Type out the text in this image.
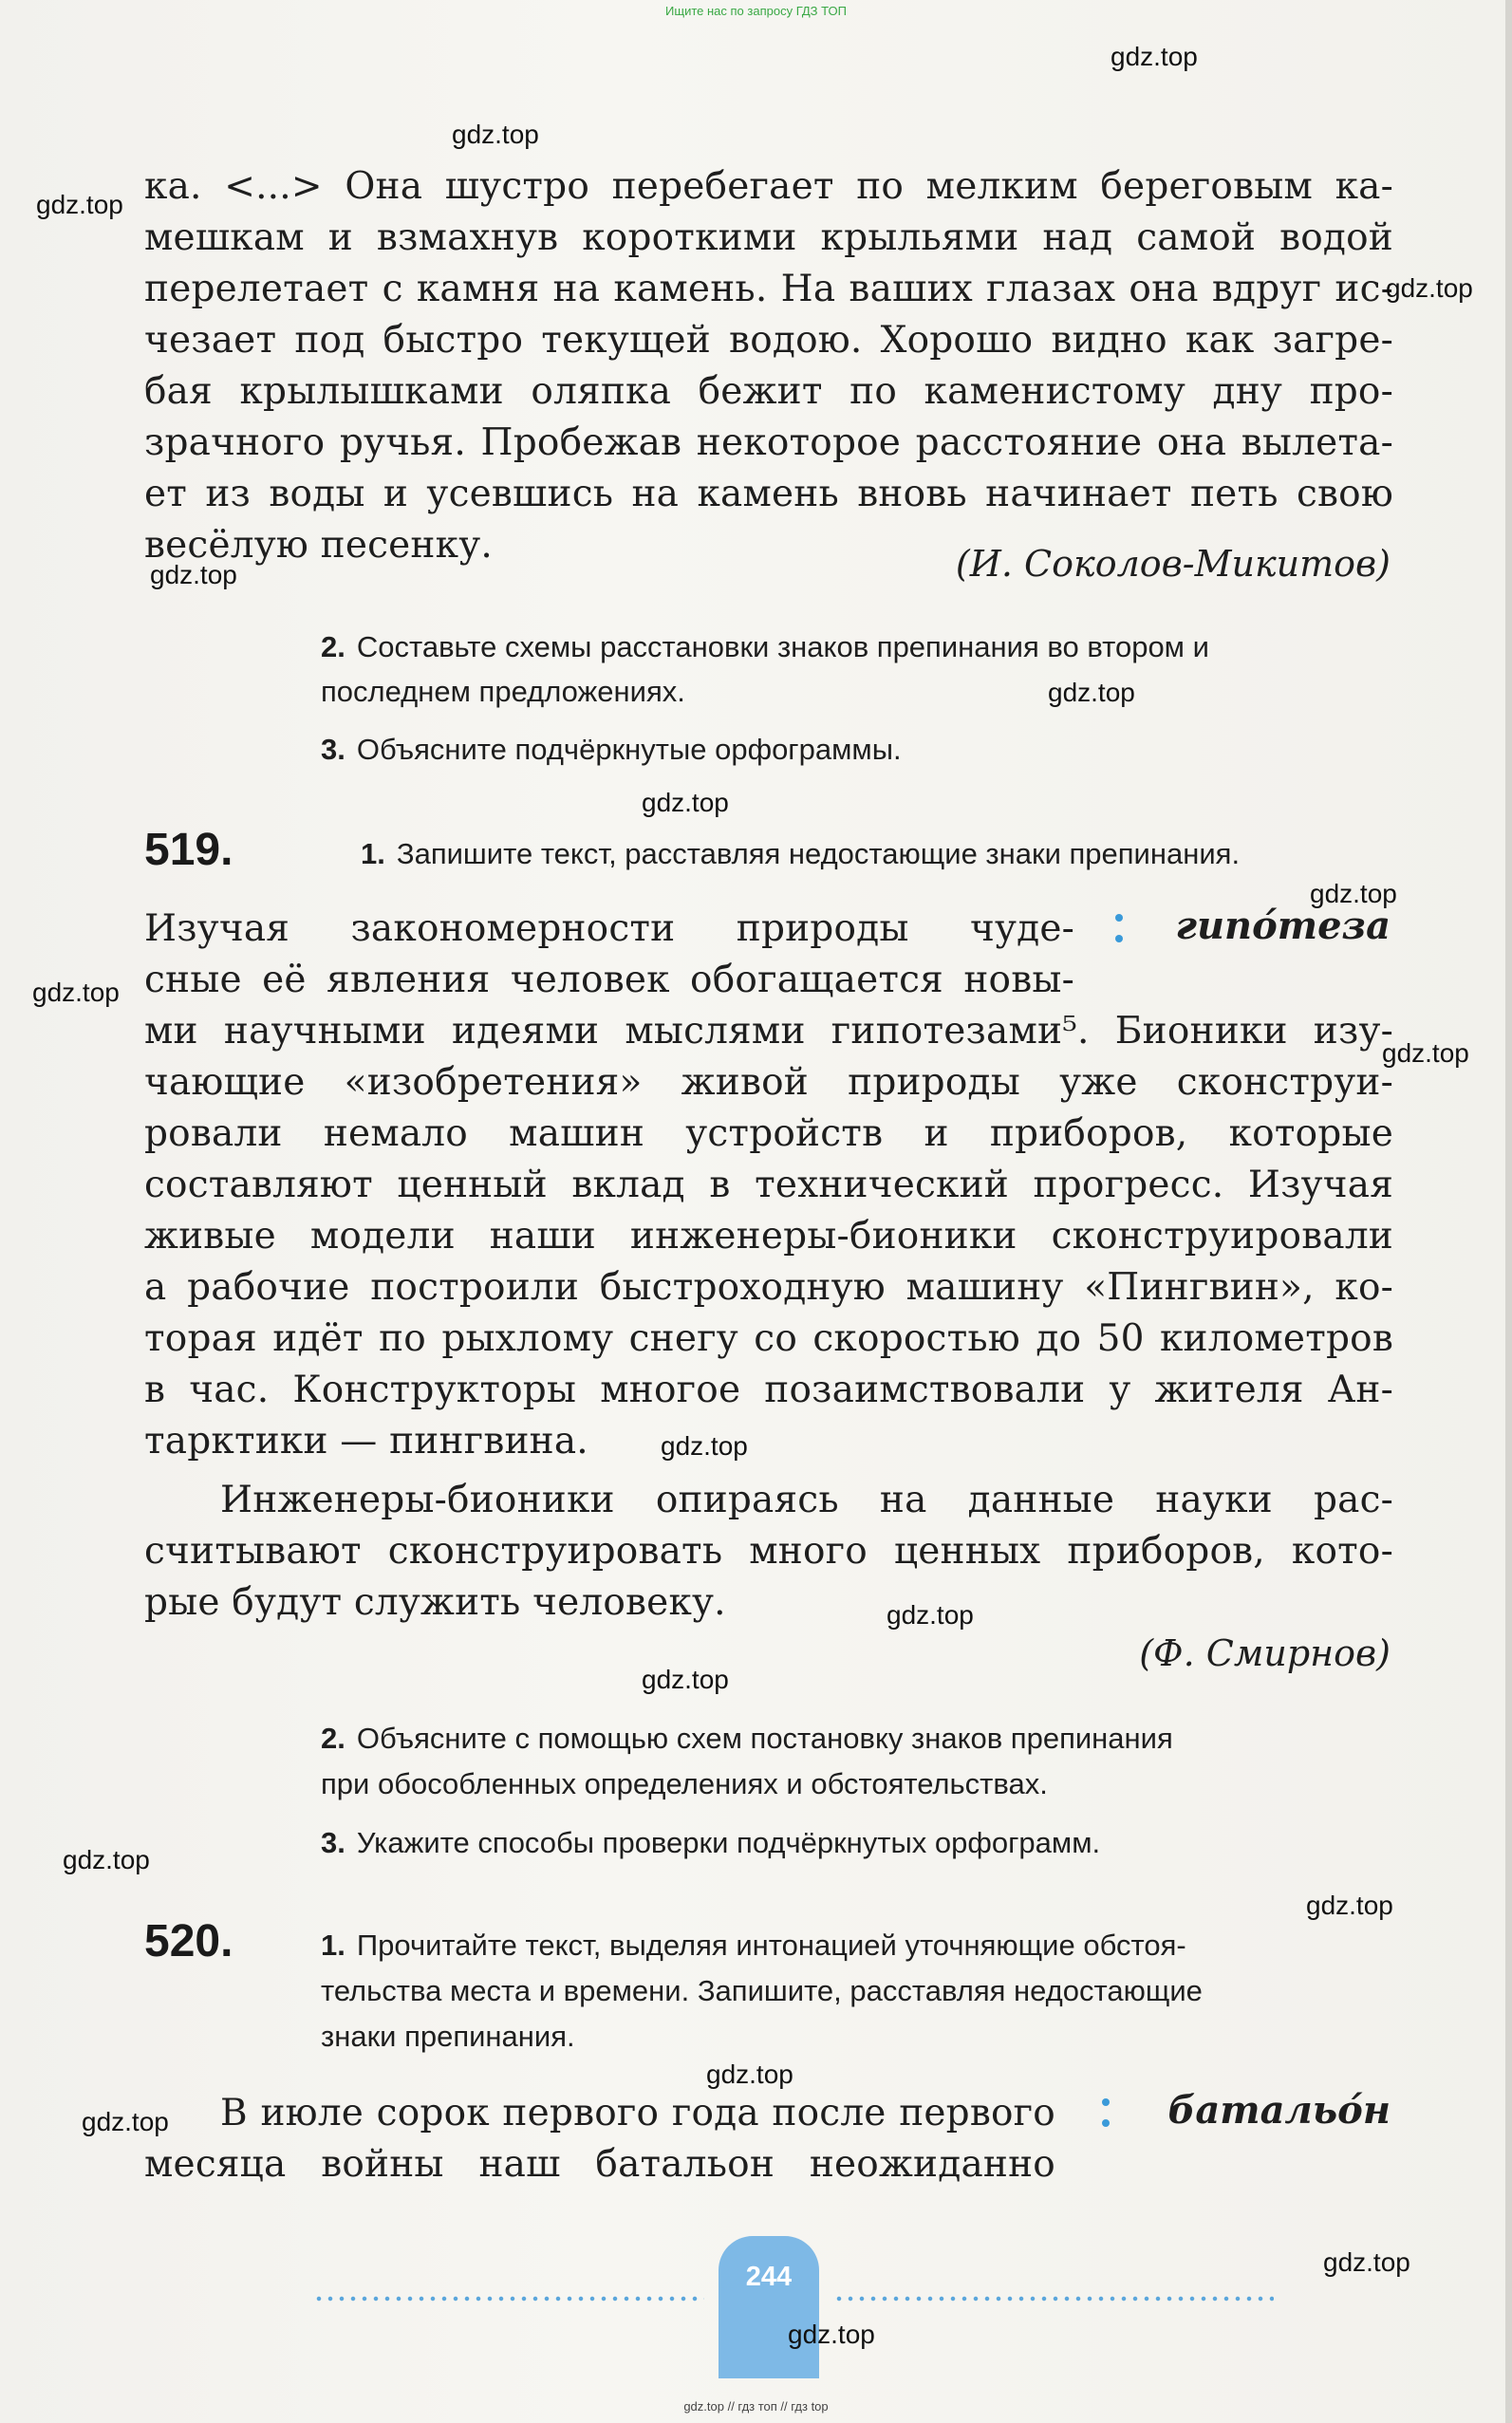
Ищите нас по запросу ГДЗ ТОП
ка. <...> Она шустро перебегает по мелким береговым ка-
мешкам и взмахнув короткими крыльями над самой водой
перелетает с камня на камень. На ваших глазах она вдруг ис-
чезает под быстро текущей водою. Хорошо видно как загре-
бая крылышками оляпка бежит по каменистому дну про-
зрачного ручья. Пробежав некоторое расстояние она вылета-
ет из воды и усевшись на камень вновь начинает петь свою
весёлую песенку.	(И. Соколов-Микитов)
2. Составьте схемы расстановки знаков препинания во втором и
последнем предложениях.
3. Объясните подчёркнутые орфограммы.
519.	1. Запишите текст, расставляя недостающие знаки препинания.
гипо́теза
Изучая закономерности природы чуде-
сные её явления человек обогащается новы-
ми научными идеями мыслями гипотезами⁵. Бионики изу-
чающие «изобретения» живой природы уже сконструи-
ровали немало машин устройств и приборов, которые
составляют ценный вклад в технический прогресс. Изучая
живые модели наши инженеры-бионики сконструировали
а рабочие построили быстроходную машину «Пингвин», ко-
торая идёт по рыхлому снегу со скоростью до 50 километров
в час. Конструкторы многое позаимствовали у жителя Ан-
тарктики — пингвина.
Инженеры-бионики опираясь на данные науки рас-
считывают сконструировать много ценных приборов, кото-
рые будут служить человеку.
(Ф. Смирнов)
2. Объясните с помощью схем постановку знаков препинания
при обособленных определениях и обстоятельствах.
3. Укажите способы проверки подчёркнутых орфограмм.
520.	1. Прочитайте текст, выделяя интонацией уточняющие обстоя-
тельства места и времени. Запишите, расставляя недостающие
знаки препинания.
батальо́н
В июле сорок первого года после первого
месяца войны наш батальон неожиданно
244
gdz.top
gdz.top
gdz.top
gdz.top
gdz.top
gdz.top
gdz.top
gdz.top
gdz.top
gdz.top
gdz.top
gdz.top
gdz.top
gdz.top
gdz.top
gdz.top
gdz.top
gdz.top
gdz.top
gdz.top // гдз топ // гдз top
